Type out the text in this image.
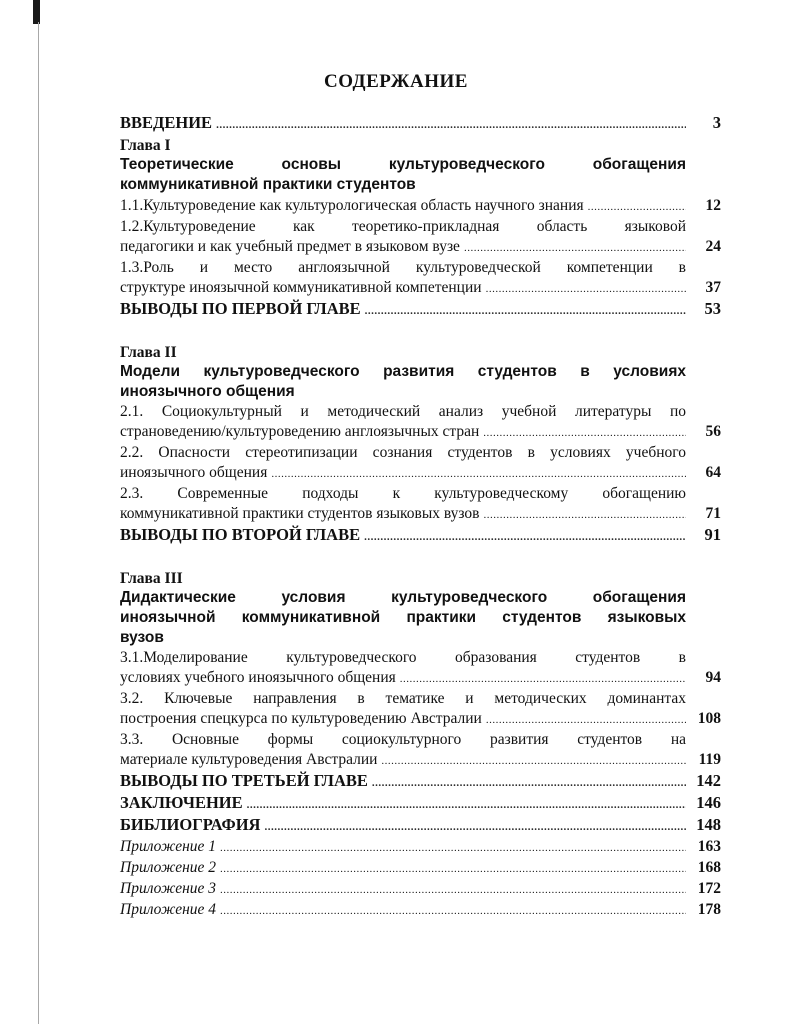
СОДЕРЖАНИЕ
ВВЕДЕНИЕ .....	3
Глава I
Теоретические основы культуроведческого обогащения
коммуникативной практики студентов
1.1.Культуроведение как культурологическая область научного знания .....	12
1.2.Культуроведение как теоретико-прикладная область языковой
педагогики и как учебный предмет в языковом вузе .....	24
1.3.Роль и место англоязычной культуроведческой компетенции в
структуре иноязычной коммуникативной компетенции .....	37
ВЫВОДЫ ПО ПЕРВОЙ ГЛАВЕ .....	53
Глава II
Модели культуроведческого развития студентов в условиях
иноязычного общения
2.1. Социокультурный и методический анализ учебной литературы по
страноведению/культуроведению англоязычных стран .....	56
2.2. Опасности стереотипизации сознания студентов в условиях учебного
иноязычного общения .....	64
2.3. Современные подходы к культуроведческому обогащению
коммуникативной практики студентов языковых вузов .....	71
ВЫВОДЫ ПО ВТОРОЙ ГЛАВЕ .....	91
Глава III
Дидактические условия культуроведческого обогащения
иноязычной коммуникативной практики студентов языковых
вузов
3.1.Моделирование культуроведческого образования студентов в
условиях учебного иноязычного общения .....	94
3.2. Ключевые направления в тематике и методических доминантах
построения спецкурса по культуроведению Австралии .....	108
3.3. Основные формы социокультурного развития студентов на
материале культуроведения Австралии .....	119
ВЫВОДЫ ПО ТРЕТЬЕЙ ГЛАВЕ .....	142
ЗАКЛЮЧЕНИЕ .....	146
БИБЛИОГРАФИЯ .....	148
Приложение 1 .....	163
Приложение 2 .....	168
Приложение 3 .....	172
Приложение 4 .....	178
